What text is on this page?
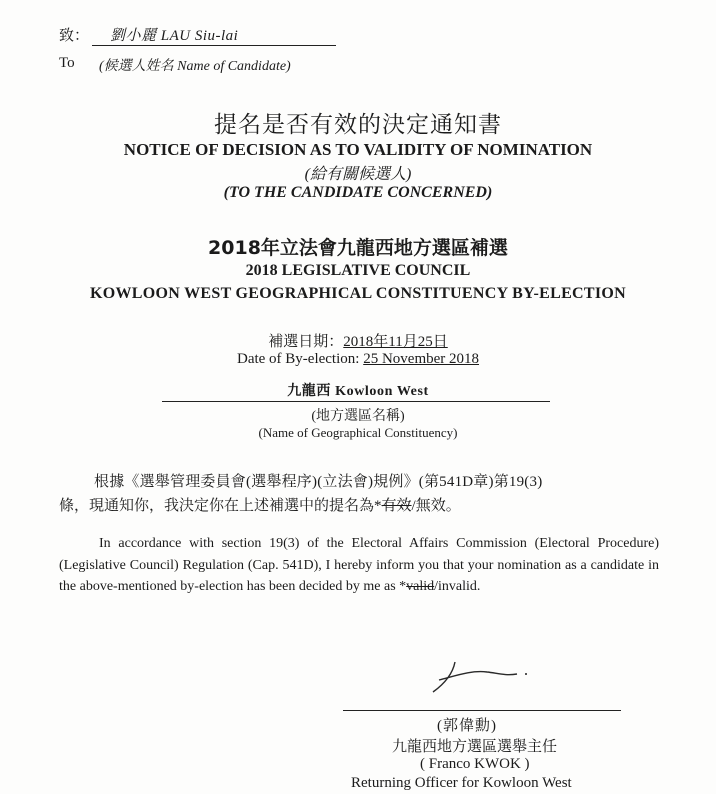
致： 劉小麗 LAU Siu-lai
To (候選人姓名 Name of Candidate)
提名是否有效的決定通知書
NOTICE OF DECISION AS TO VALIDITY OF NOMINATION
(給有關候選人)
(TO THE CANDIDATE CONCERNED)
2018年立法會九龍西地方選區補選
2018 LEGISLATIVE COUNCIL
KOWLOON WEST GEOGRAPHICAL CONSTITUENCY BY-ELECTION
補選日期：2018年11月25日
Date of By-election: 25 November 2018
九龍西 Kowloon West
(地方選區名稱)
(Name of Geographical Constituency)
根據《選舉管理委員會(選舉程序)(立法會)規例》(第541D章)第19(3)
條，現通知你，我決定你在上述補選中的提名為*有效/無效。
In accordance with section 19(3) of the Electoral Affairs Commission (Electoral Procedure) (Legislative Council) Regulation (Cap. 541D), I hereby inform you that your nomination as a candidate in the above-mentioned by-election has been decided by me as *valid/invalid.
(郭偉勳)
九龍西地方選區選舉主任
( Franco KWOK )
Returning Officer for Kowloon West
